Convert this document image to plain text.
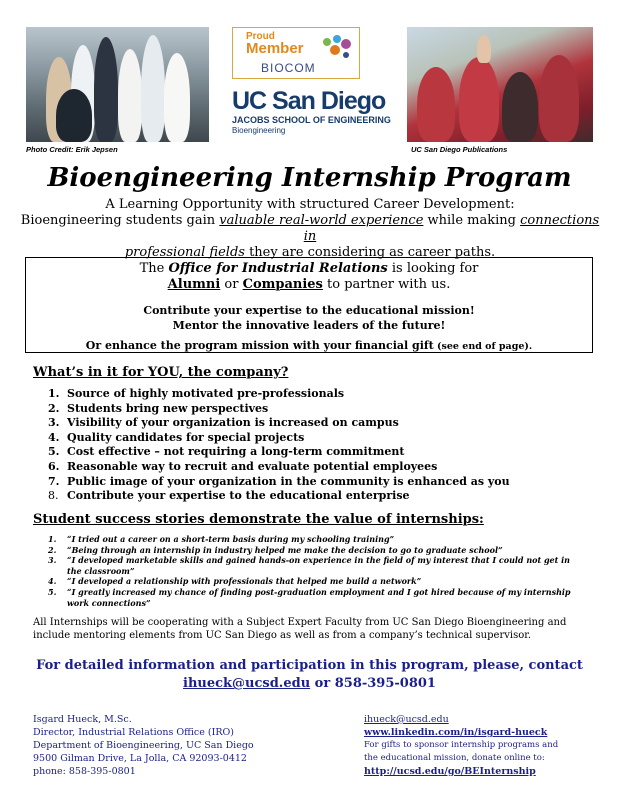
Photo Credit: Erik Jepsen
Proud
Member
BIOCOM
UC San Diego
JACOBS SCHOOL OF ENGINEERING
Bioengineering
UC San Diego Publications
Bioengineering Internship Program
A Learning Opportunity with structured Career Development:
Bioengineering students gain valuable real-world experience while making connections in
professional fields they are considering as career paths.
The Office for Industrial Relations is looking for
Alumni or Companies to partner with us.
Contribute your expertise to the educational mission!
Mentor the innovative leaders of the future!
Or enhance the program mission with your financial gift (see end of page).
What’s in it for YOU, the company?
1. Source of highly motivated pre-professionals
2. Students bring new perspectives
3. Visibility of your organization is increased on campus
4. Quality candidates for special projects
5. Cost effective – not requiring a long-term commitment
6. Reasonable way to recruit and evaluate potential employees
7. Public image of your organization in the community is enhanced as you
8. Contribute your expertise to the educational enterprise
Student success stories demonstrate the value of internships:
1.	“I tried out a career on a short-term basis during my schooling training”
2.	“Being through an internship in industry helped me make the decision to go to graduate school”
3.	“I developed marketable skills and gained hands-on experience in the field of my interest that I could not get in the classroom”
4.	“I developed a relationship with professionals that helped me build a network”
5.	“I greatly increased my chance of finding post-graduation employment and I got hired because of my internship work connections”
All Internships will be cooperating with a Subject Expert Faculty from UC San Diego Bioengineering and include mentoring elements from UC San Diego as well as from a company’s technical supervisor.
For detailed information and participation in this program, please, contact
ihueck@ucsd.edu or 858-395-0801
Isgard Hueck, M.Sc.
Director, Industrial Relations Office (IRO)
Department of Bioengineering, UC San Diego
9500 Gilman Drive, La Jolla, CA 92093-0412
phone: 858-395-0801
ihueck@ucsd.edu
www.linkedin.com/in/isgard-hueck
For gifts to sponsor internship programs and
the educational mission, donate online to:
http://ucsd.edu/go/BEInternship
